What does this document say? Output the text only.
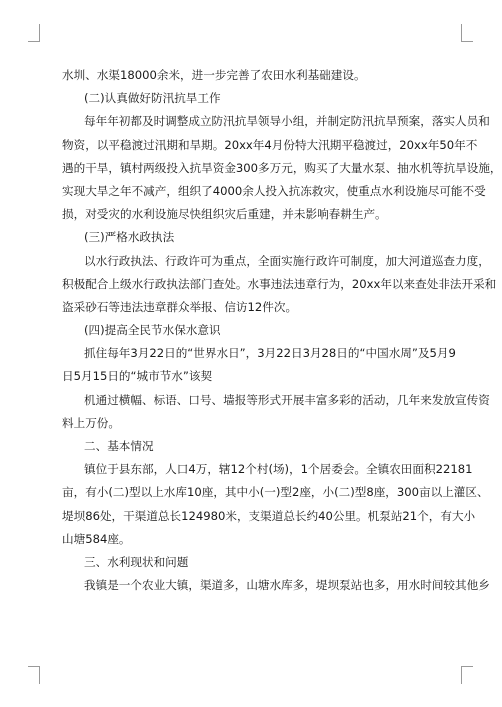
水圳、水渠18000余米，进一步完善了农田水利基础建设。
(二)认真做好防汛抗旱工作
每年年初都及时调整成立防汛抗旱领导小组，并制定防汛抗旱预案，落实人员和
物资，以平稳渡过汛期和旱期。20xx年4月份特大汛期平稳渡过，20xx年50年不
遇的干旱，镇村两级投入抗旱资金300多万元，购买了大量水泵、抽水机等抗旱设施，
实现大旱之年不减产，组织了4000余人投入抗冻救灾，使重点水利设施尽可能不受
损，对受灾的水利设施尽快组织灾后重建，并未影响春耕生产。
(三)严格水政执法
以水行政执法、行政许可为重点，全面实施行政许可制度，加大河道巡查力度，
积极配合上级水行政执法部门查处。水事违法违章行为，20xx年以来查处非法开采和
盗采砂石等违法违章群众举报、信访12件次。
(四)提高全民节水保水意识
抓住每年3月22日的“世界水日”，3月22日3月28日的“中国水周”及5月9
日5月15日的“城市节水”该契
机通过横幅、标语、口号、墙报等形式开展丰富多彩的活动，几年来发放宣传资
料上万份。
二、基本情况
镇位于县东部，人口4万，辖12个村(场)，1个居委会。全镇农田面积22181
亩，有小(二)型以上水库10座，其中小(一)型2座，小(二)型8座，300亩以上灌区、
堤坝86处，干渠道总长124980米，支渠道总长约40公里。机泵站21个，有大小
山塘584座。
三、水利现状和问题
我镇是一个农业大镇，渠道多，山塘水库多，堤坝泵站也多，用水时间较其他乡
